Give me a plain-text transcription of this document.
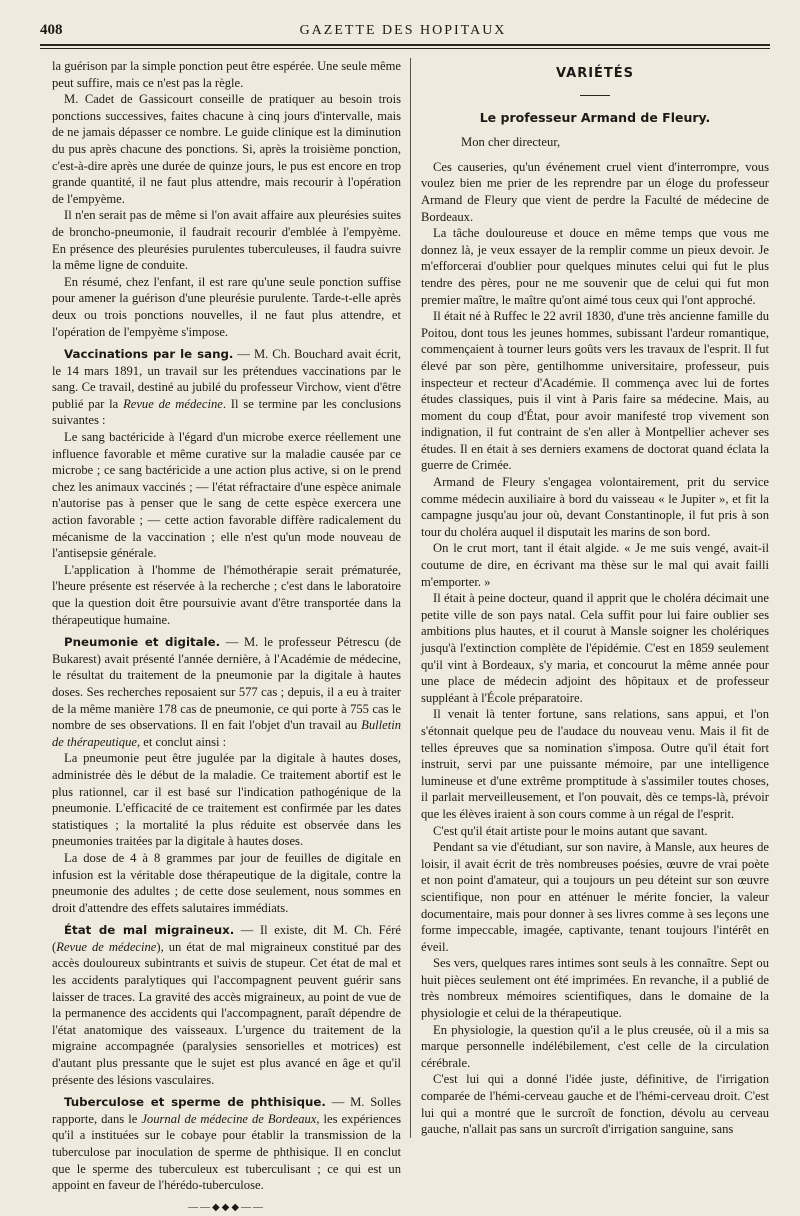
408	GAZETTE DES HOPITAUX

la guérison par la simple ponction peut être espérée. Une seule même peut suffire, mais ce n'est pas la règle.

M. Cadet de Gassicourt conseille de pratiquer au besoin trois ponctions successives, faites chacune à cinq jours d'intervalle, mais de ne jamais dépasser ce nombre. Le guide clinique est la diminution du pus après chacune des ponctions. Si, après la troisième ponction, c'est-à-dire après une durée de quinze jours, le pus est encore en trop grande quantité, il ne faut plus attendre, mais recourir à l'opération de l'empyème.

Il n'en serait pas de même si l'on avait affaire aux pleurésies suites de broncho-pneumonie, il faudrait recourir d'emblée à l'empyème. En présence des pleurésies purulentes tuberculeuses, il faudra suivre la même ligne de conduite.

En résumé, chez l'enfant, il est rare qu'une seule ponction suffise pour amener la guérison d'une pleurésie purulente. Tarde-t-elle après deux ou trois ponctions nouvelles, il ne faut plus attendre, et l'opération de l'empyème s'impose.

Vaccinations par le sang. — M. Ch. Bouchard avait écrit, le 14 mars 1891, un travail sur les prétendues vaccinations par le sang. Ce travail, destiné au jubilé du professeur Virchow, vient d'être publié par la Revue de médecine. Il se termine par les conclusions suivantes :

Le sang bactéricide à l'égard d'un microbe exerce réellement une influence favorable et même curative sur la maladie causée par ce microbe ; ce sang bactéricide a une action plus active, si on le prend chez les animaux vaccinés ; — l'état réfractaire d'une espèce animale n'autorise pas à penser que le sang de cette espèce exercera une action favorable ; — cette action favorable diffère radicalement du mécanisme de la vaccination ; elle n'est qu'un mode nouveau de l'antisepsie générale.

L'application à l'homme de l'hémothérapie serait prématurée, l'heure présente est réservée à la recherche ; c'est dans le laboratoire que la question doit être poursuivie avant d'être transportée dans la thérapeutique humaine.

Pneumonie et digitale. — M. le professeur Pétrescu (de Bukarest) avait présenté l'année dernière, à l'Académie de médecine, le résultat du traitement de la pneumonie par la digitale à hautes doses. Ses recherches reposaient sur 577 cas ; depuis, il a eu à traiter de la même manière 178 cas de pneumonie, ce qui porte à 755 cas le nombre de ses observations. Il en fait l'objet d'un travail au Bulletin de thérapeutique, et conclut ainsi :

La pneumonie peut être jugulée par la digitale à hautes doses, administrée dès le début de la maladie. Ce traitement abortif est le plus rationnel, car il est basé sur l'indication pathogénique de la pneumonie. L'efficacité de ce traitement est confirmée par les dates statistiques ; la mortalité la plus réduite est observée dans les pneumonies traitées par la digitale à hautes doses.

La dose de 4 à 8 grammes par jour de feuilles de digitale en infusion est la véritable dose thérapeutique de la digitale, contre la pneumonie des adultes ; de cette dose seulement, nous sommes en droit d'attendre des effets salutaires immédiats.

État de mal migraineux. — Il existe, dit M. Ch. Féré (Revue de médecine), un état de mal migraineux constitué par des accès douloureux subintrants et suivis de stupeur. Cet état de mal et les accidents paralytiques qui l'accompagnent peuvent guérir sans laisser de traces. La gravité des accès migraineux, au point de vue de la permanence des accidents qui l'accompagnent, paraît dépendre de l'état anatomique des vaisseaux. L'urgence du traitement de la migraine accompagnée (paralysies sensorielles et motrices) est d'autant plus pressante que le sujet est plus avancé en âge et qu'il présente des lésions vasculaires.

Tuberculose et sperme de phthisique. — M. Solles rapporte, dans le Journal de médecine de Bordeaux, les expériences qu'il a instituées sur le cobaye pour établir la transmission de la tuberculose par inoculation de sperme de phthisique. Il en conclut que le sperme des tuberculeux est tuberculisant ; ce qui est un appoint en faveur de l'hérédo-tuberculose.

——◆◆◆——
VARIÉTÉS
Le professeur Armand de Fleury.

Mon cher directeur,

Ces causeries, qu'un événement cruel vient d'interrompre, vous voulez bien me prier de les reprendre par un éloge du professeur Armand de Fleury que vient de perdre la Faculté de médecine de Bordeaux.

La tâche douloureuse et douce en même temps que vous me donnez là, je veux essayer de la remplir comme un pieux devoir. Je m'efforcerai d'oublier pour quelques minutes celui qui fut le plus tendre des pères, pour ne me souvenir que de celui qui fut mon premier maître, le maître qu'ont aimé tous ceux qui l'ont approché.

Il était né à Ruffec le 22 avril 1830, d'une très ancienne famille du Poitou, dont tous les jeunes hommes, subissant l'ardeur romantique, commençaient à tourner leurs goûts vers les travaux de l'esprit. Il fut élevé par son père, gentilhomme universitaire, professeur, puis inspecteur et recteur d'Académie. Il commença avec lui de fortes études classiques, puis il vint à Paris faire sa médecine. Mais, au moment du coup d'État, pour avoir manifesté trop vivement son indignation, il fut contraint de s'en aller à Montpellier achever ses études. Il en était à ses derniers examens de doctorat quand éclata la guerre de Crimée.

Armand de Fleury s'engagea volontairement, prit du service comme médecin auxiliaire à bord du vaisseau « le Jupiter », et fit la campagne jusqu'au jour où, devant Constantinople, il fut pris à son tour du choléra auquel il disputait les marins de son bord.

On le crut mort, tant il était algide. « Je me suis vengé, avait-il coutume de dire, en écrivant ma thèse sur le mal qui avait failli m'emporter. »

Il était à peine docteur, quand il apprit que le choléra décimait une petite ville de son pays natal. Cela suffit pour lui faire oublier ses ambitions plus hautes, et il courut à Mansle soigner les cholériques jusqu'à l'extinction complète de l'épidémie. C'est en 1859 seulement qu'il vint à Bordeaux, s'y maria, et concourut la même année pour une place de médecin adjoint des hôpitaux et de professeur suppléant à l'École préparatoire.

Il venait là tenter fortune, sans relations, sans appui, et l'on s'étonnait quelque peu de l'audace du nouveau venu. Mais il fit de telles épreuves que sa nomination s'imposa. Outre qu'il était fort instruit, servi par une puissante mémoire, par une intelligence lumineuse et d'une extrême promptitude à s'assimiler toutes choses, il parlait merveilleusement, et l'on pouvait, dès ce temps-là, prévoir que les élèves iraient à son cours comme à un régal de l'esprit.

C'est qu'il était artiste pour le moins autant que savant.

Pendant sa vie d'étudiant, sur son navire, à Mansle, aux heures de loisir, il avait écrit de très nombreuses poésies, œuvre de vrai poète et non point d'amateur, qui a toujours un peu déteint sur son œuvre scientifique, non pour en atténuer le mérite foncier, la valeur documentaire, mais pour donner à ses livres comme à ses leçons une forme impeccable, imagée, captivante, tenant toujours l'intérêt en éveil.

Ses vers, quelques rares intimes sont seuls à les connaître. Sept ou huit pièces seulement ont été imprimées. En revanche, il a publié de très nombreux mémoires scientifiques, dans le domaine de la physiologie et celui de la thérapeutique.

En physiologie, la question qu'il a le plus creusée, où il a mis sa marque personnelle indélébilement, c'est celle de la circulation cérébrale.

C'est lui qui a donné l'idée juste, définitive, de l'irrigation comparée de l'hémi-cerveau gauche et de l'hémi-cerveau droit. C'est lui qui a montré que le surcroît de fonction, dévolu au cerveau gauche, n'allait pas sans un surcroît d'irrigation sanguine, sans
